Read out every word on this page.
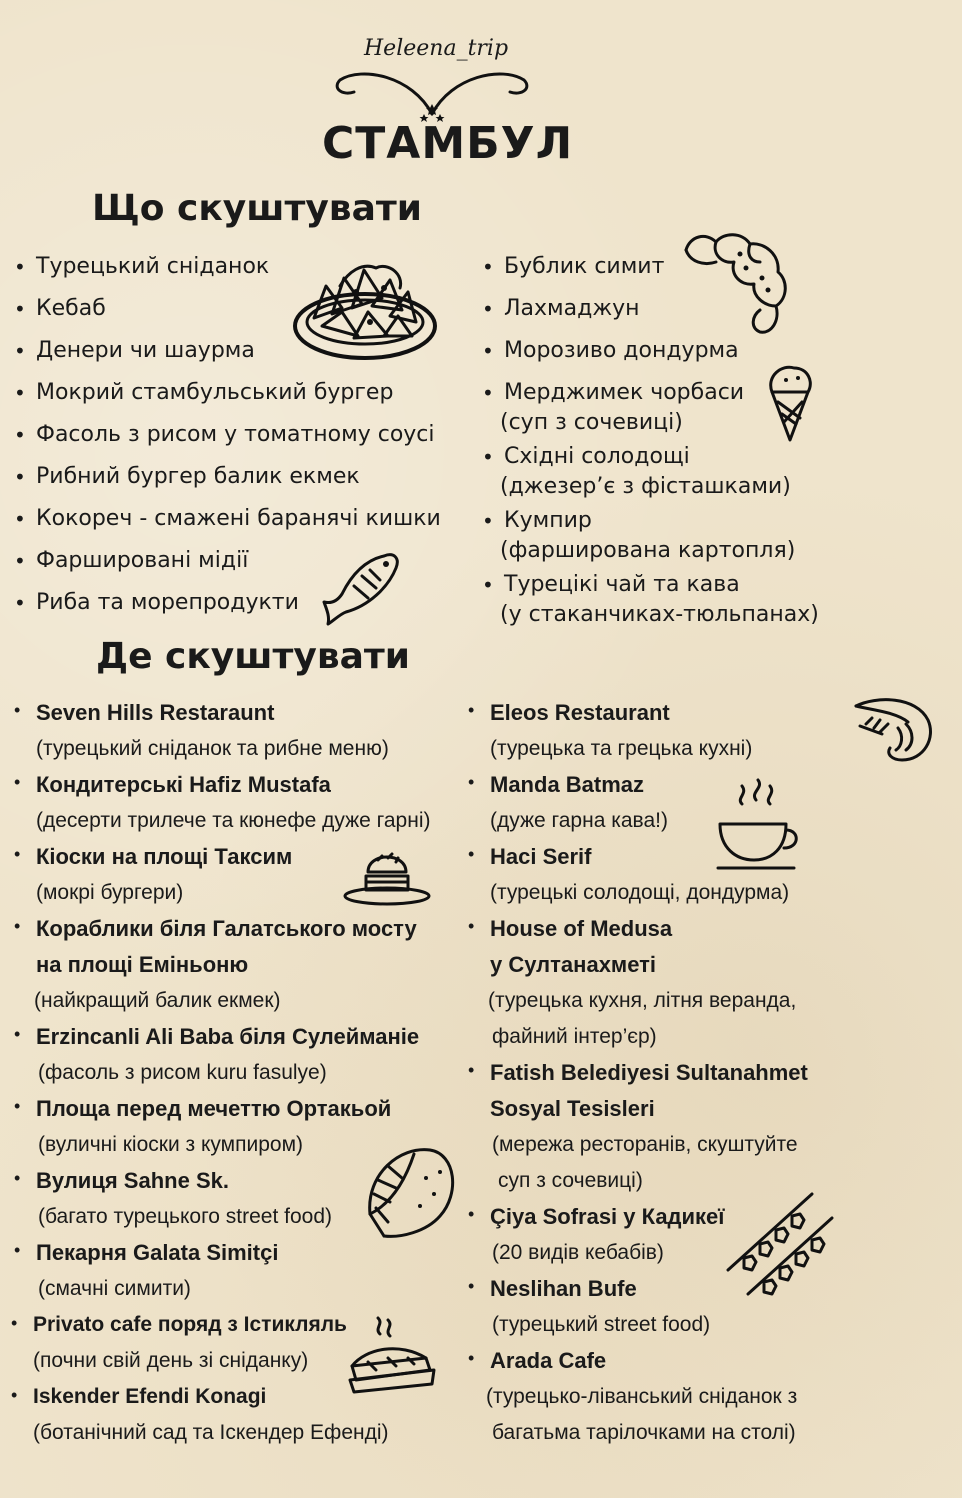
Heleena_trip
СТАМБУЛ
Що скуштувати
• Турецький сніданок
• Кебаб
• Денери чи шаурма
• Мокрий стамбульський бургер
• Фасоль з рисом у томатному соусі
• Рибний бургер балик екмек
• Кокореч - смажені баранячі кишки
• Фаршировані мідії
• Риба та морепродукти
• Бублик симит
• Лахмаджун
• Морозиво дондурма
• Мерджимек чорбаси
(суп з сочевиці)
• Східні солодощі
(джезер’є з фісташками)
• Кумпир
(фарширована картопля)
• Турецікі чай та кава
(у стаканчиках-тюльпанах)
Де скуштувати
• Seven Hills Restaraunt
(турецький сніданок та рибне меню)
• Кондитерські Hafiz Mustafa
(десерти трилече та кюнефе дуже гарні)
• Кіоски на площі Таксим
(мокрі бургери)
• Кораблики біля Галатського мосту
на площі Еміньоню
(найкращий балик екмек)
• Erzincanli Ali Baba біля Сулейманіе
(фасоль з рисом kuru fasulye)
• Площа перед мечеттю Ортакьой
(вуличні кіоски з кумпиром)
• Вулиця Sahne Sk.
(багато турецького street food)
• Пекарня Galata Simitçi
(смачні симити)
• Privato cafe поряд з Істикляль
(почни свій день зі сніданку)
• Iskender Efendi Konagi
(ботанічний сад та Іскендер Ефенді)
• Eleos Restaurant
(турецька та грецька кухні)
• Manda Batmaz
(дуже гарна кава!)
• Haci Serif
(турецькі солодощі, дондурма)
• House of Medusa
у Султанахметі
(турецька кухня, літня веранда,
файний інтер’єр)
• Fatish Belediyesi Sultanahmet
Sosyal Tesisleri
(мережа ресторанів, скуштуйте
суп з сочевиці)
• Çiya Sofrasi у Кадикеї
(20 видів кебабів)
• Neslihan Bufe
(турецький street food)
• Arada Cafe
(турецько-ліванський сніданок з
багатьма тарілочками на столі)
